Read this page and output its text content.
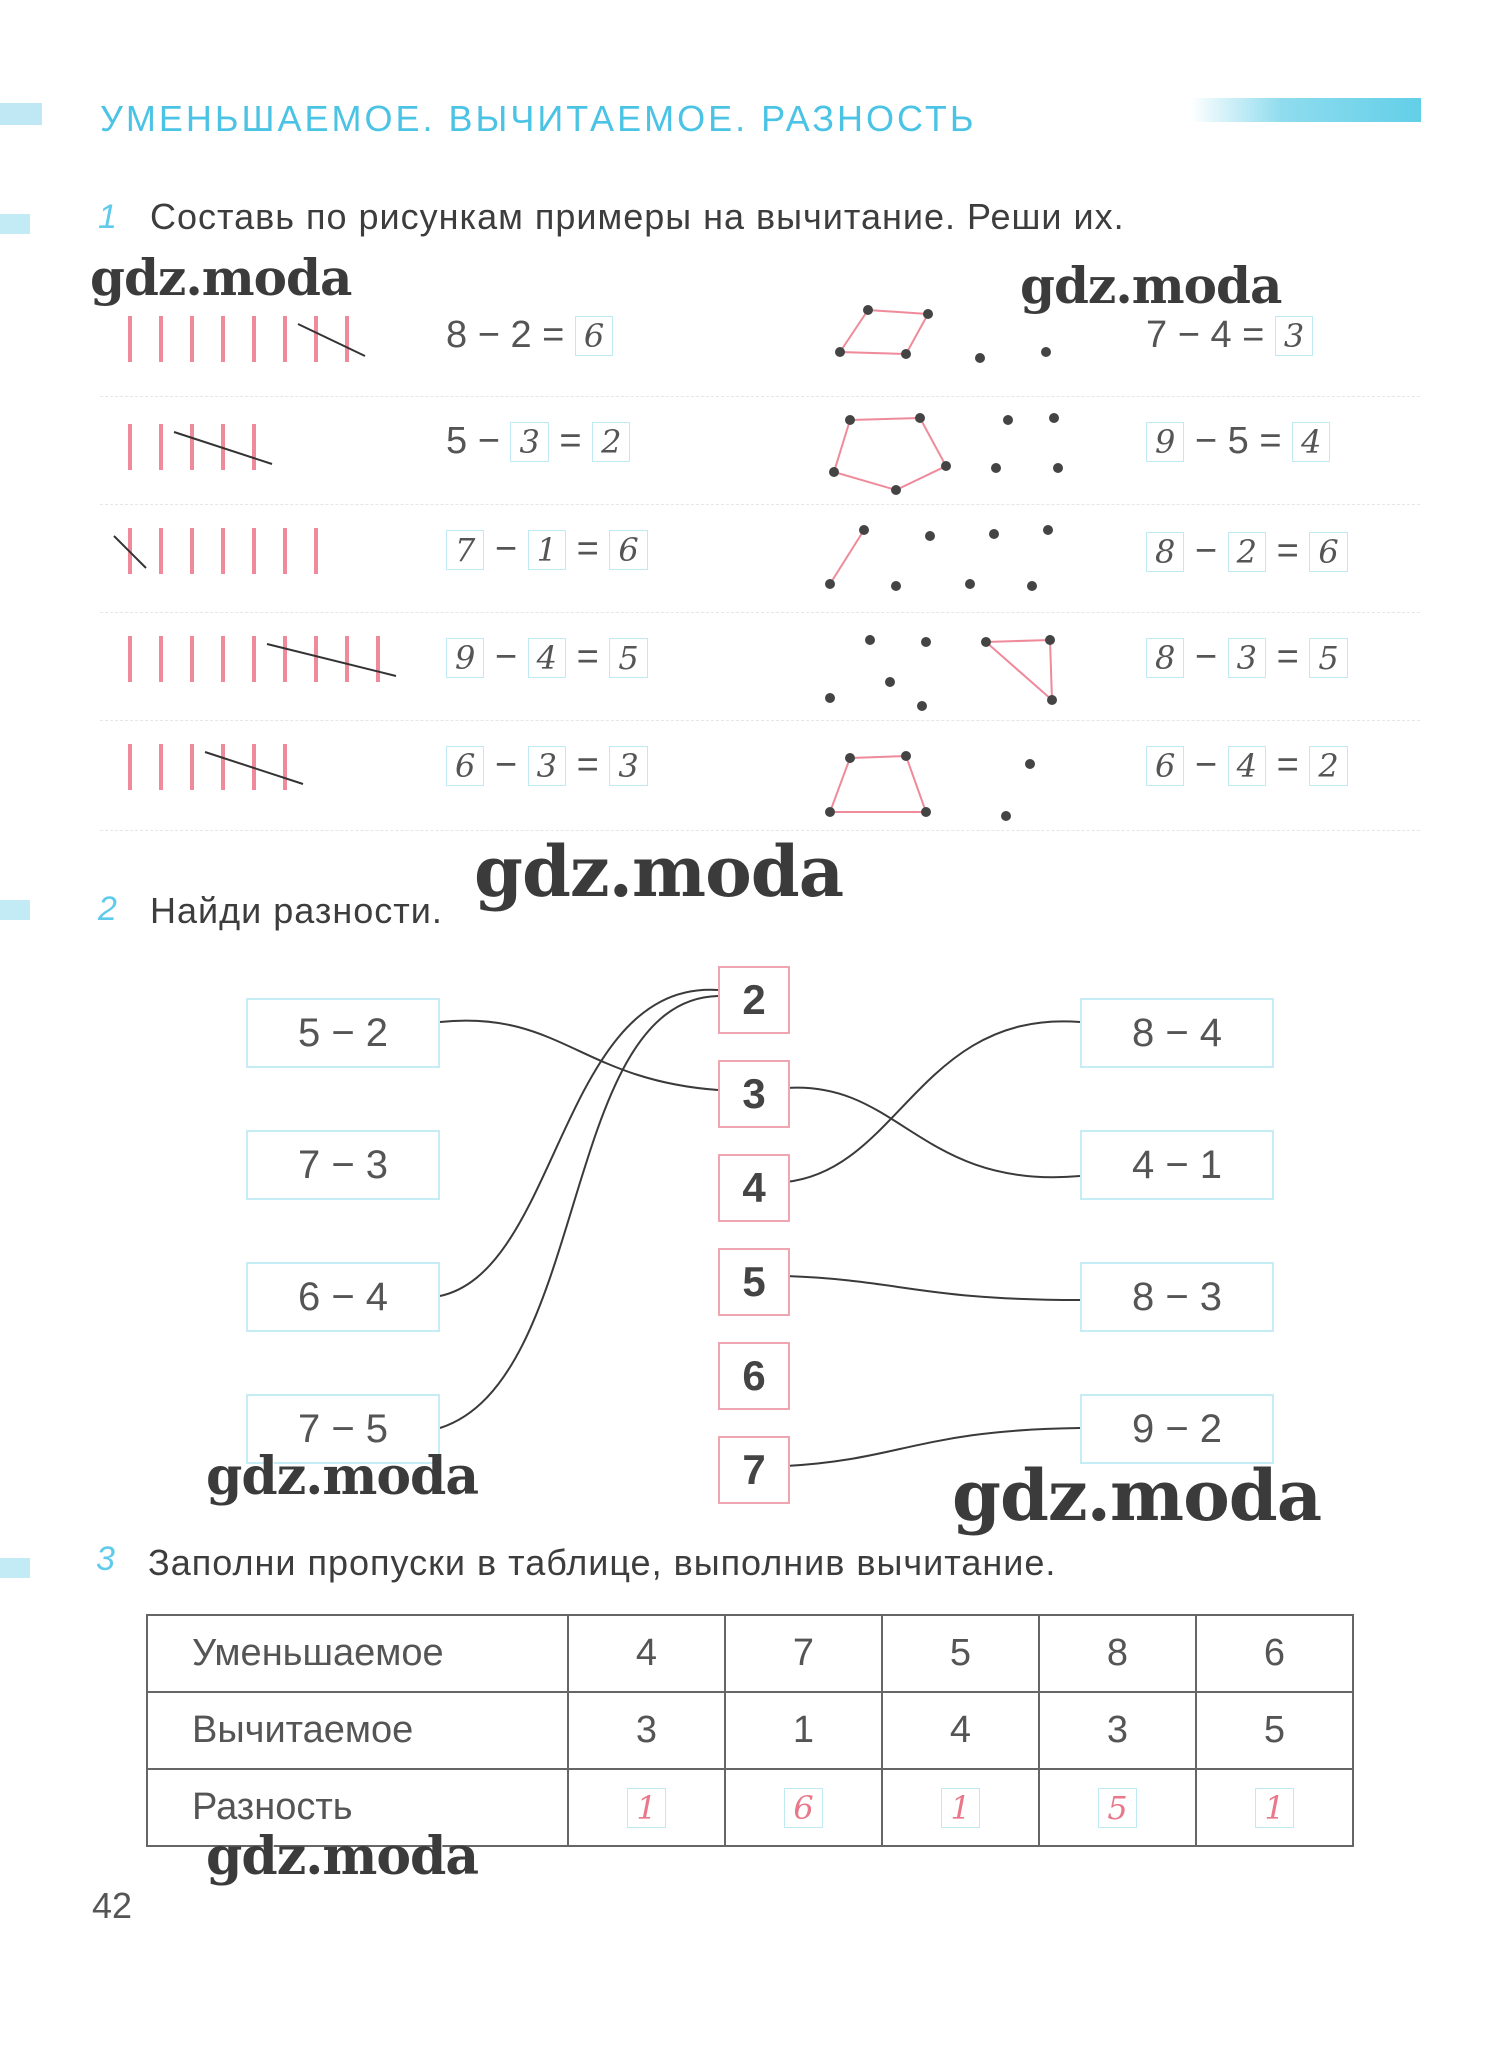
УМЕНЬШАЕМОЕ. ВЫЧИТАЕМОЕ. РАЗНОСТЬ
1 Составь по рисункам примеры на вычитание. Реши их.
gdz.moda	gdz.moda
8 − 2 = 6
5 − 3 = 2
7 − 1 = 6
9 − 4 = 5
6 − 3 = 3
7 − 4 = 3
9 − 5 = 4
8 − 2 = 6
8 − 3 = 5
6 − 4 = 2
gdz.moda
2 Найди разности.
5 − 2
7 − 3
6 − 4
7 − 5
2
3
4
5
6
7
8 − 4
4 − 1
8 − 3
9 − 2
gdz.moda	gdz.moda
3 Заполни пропуски в таблице, выполнив вычитание.
Уменьшаемое	4	7	5	8	6
Вычитаемое	3	1	4	3	5
Разность	1	6	1	5	1
gdz.moda
42
